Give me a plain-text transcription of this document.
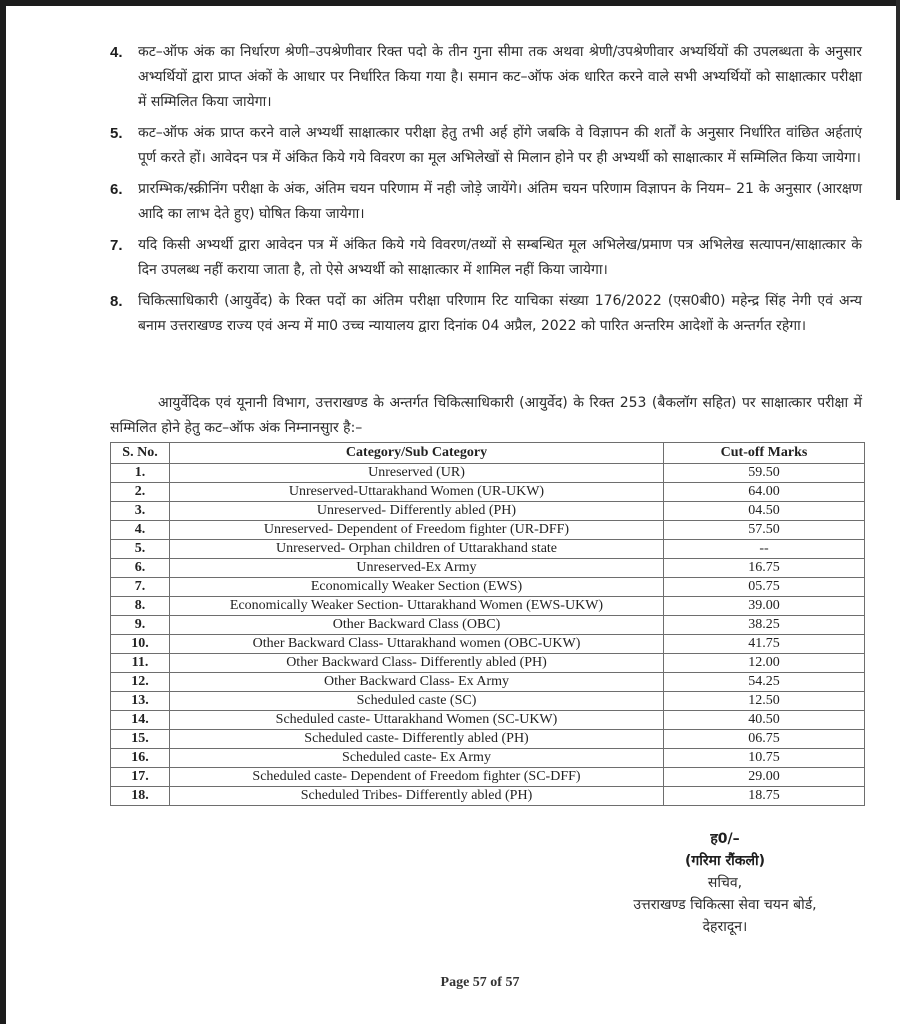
4.	कट–ऑफ अंक का निर्धारण श्रेणी–उपश्रेणीवार रिक्त पदो के तीन गुना सीमा तक अथवा श्रेणी/उपश्रेणीवार अभ्यर्थियों की उपलब्धता के अनुसार अभ्यर्थियों द्वारा प्राप्त अंकों के आधार पर निर्धारित किया गया है। समान कट–ऑफ अंक धारित करने वाले सभी अभ्यर्थियों को साक्षात्कार परीक्षा में सम्मिलित किया जायेगा।
5.	कट–ऑफ अंक प्राप्त करने वाले अभ्यर्थी साक्षात्कार परीक्षा हेतु तभी अर्ह होंगे जबकि वे विज्ञापन की शर्तों के अनुसार निर्धारित वांछित अर्हताएं पूर्ण करते हों। आवेदन पत्र में अंकित किये गये विवरण का मूल अभिलेखों से मिलान होने पर ही अभ्यर्थी को साक्षात्कार में सम्मिलित किया जायेगा।
6.	प्रारम्भिक/स्क्रीनिंग परीक्षा के अंक, अंतिम चयन परिणाम में नही जोड़े जायेंगे। अंतिम चयन परिणाम विज्ञापन के नियम– 21 के अनुसार (आरक्षण आदि का लाभ देते हुए) घोषित किया जायेगा।
7.	यदि किसी अभ्यर्थी द्वारा आवेदन पत्र में अंकित किये गये विवरण/तथ्यों से सम्बन्धित मूल अभिलेख/प्रमाण पत्र अभिलेख सत्यापन/साक्षात्कार के दिन उपलब्ध नहीं कराया जाता है, तो ऐसे अभ्यर्थी को साक्षात्कार में शामिल नहीं किया जायेगा।
8.	चिकित्साधिकारी (आयुर्वेद) के रिक्त पदों का अंतिम परीक्षा परिणाम रिट याचिका संख्या 176/2022 (एस0बी0) महेन्द्र सिंह नेगी एवं अन्य बनाम उत्तराखण्ड राज्य एवं अन्य में मा0 उच्च न्यायालय द्वारा दिनांक 04 अप्रैल, 2022 को पारित अन्तरिम आदेशों के अन्तर्गत रहेगा।
आयुर्वेदिक एवं यूनानी विभाग, उत्तराखण्ड के अन्तर्गत चिकित्साधिकारी (आयुर्वेद) के रिक्त 253 (बैकलॉग सहित) पर साक्षात्कार परीक्षा में सम्मिलित होने हेतु कट–ऑफ अंक निम्नानसुार है:–
S. No.	Category/Sub Category	Cut-off Marks
1.	Unreserved (UR)	59.50
2.	Unreserved-Uttarakhand Women (UR-UKW)	64.00
3.	Unreserved- Differently abled (PH)	04.50
4.	Unreserved- Dependent of Freedom fighter (UR-DFF)	57.50
5.	Unreserved- Orphan children of Uttarakhand state	--
6.	Unreserved-Ex Army	16.75
7.	Economically Weaker Section (EWS)	05.75
8.	Economically Weaker Section- Uttarakhand Women (EWS-UKW)	39.00
9.	Other Backward Class (OBC)	38.25
10.	Other Backward Class- Uttarakhand women (OBC-UKW)	41.75
11.	Other Backward Class- Differently abled (PH)	12.00
12.	Other Backward Class- Ex Army	54.25
13.	Scheduled caste (SC)	12.50
14.	Scheduled caste- Uttarakhand Women (SC-UKW)	40.50
15.	Scheduled caste- Differently abled (PH)	06.75
16.	Scheduled caste- Ex Army	10.75
17.	Scheduled caste- Dependent of Freedom fighter (SC-DFF)	29.00
18.	Scheduled Tribes- Differently abled (PH)	18.75
ह0/–
(गरिमा रौंकली)
सचिव,
उत्तराखण्ड चिकित्सा सेवा चयन बोर्ड,
देहरादून।
Page 57 of 57
